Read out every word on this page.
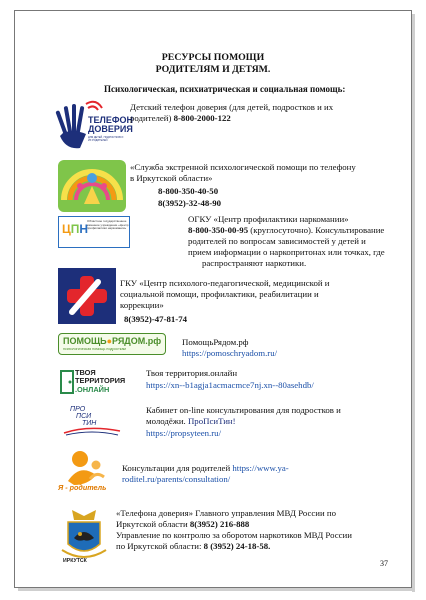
РЕСУРСЫ ПОМОЩИ
РОДИТЕЛЯМ И ДЕТЯМ.
Психологическая, психиатрическая и социальная помощь:
ТЕЛЕФОН
ДОВЕРИЯ
ДЛЯ ДЕТЕЙ, ПОДРОСТКОВ И ИХ РОДИТЕЛЕЙ
Детский телефон доверия (для детей, подростков и их
родителей) 8-800-2000-122
«Служба экстренной психологической помощи по телефону
в Иркутской области»
8-800-350-40-50
8(3952)-32-48-90
ЦПН
Областное государственное казенное учреждение «Центр профилактики наркомании»
ОГКУ «Центр профилактики наркомании»
8-800-350-00-95 (круглосуточно). Консультирование
родителей по вопросам зависимостей у детей и
прием информации о наркопритонах или точках, где
распространяют наркотики.
ГКУ «Центр психолого-педагогической, медицинской и
социальной помощи, профилактики, реабилитации и
коррекции»
8(3952)-47-81-74
ПОМОЩЬ●РЯДОМ.рф
психологическая помощь подросткам
ПомощьРядом.рф
https://pomoschryadom.ru/
ТВОЯ
ТЕРРИТОРИЯ
.ОНЛАЙН
Твоя территория.онлайн
https://xn--b1agja1acmacmce7nj.xn--80asehdb/
ПРО
ПСИ
ТИН
Кабинет on-line консультирования для подростков и
молодёжи. ПроПсиТин!
https://propsyteen.ru/
Я - родитель
Консультации для родителей https://www.ya-
roditel.ru/parents/consultation/
ИРКУТСК
«Телефона доверия» Главного управления МВД России по
Иркутской области 8(3952) 216-888
Управление по контролю за оборотом наркотиков МВД России
по Иркутской области: 8 (3952) 24-18-58.
37
